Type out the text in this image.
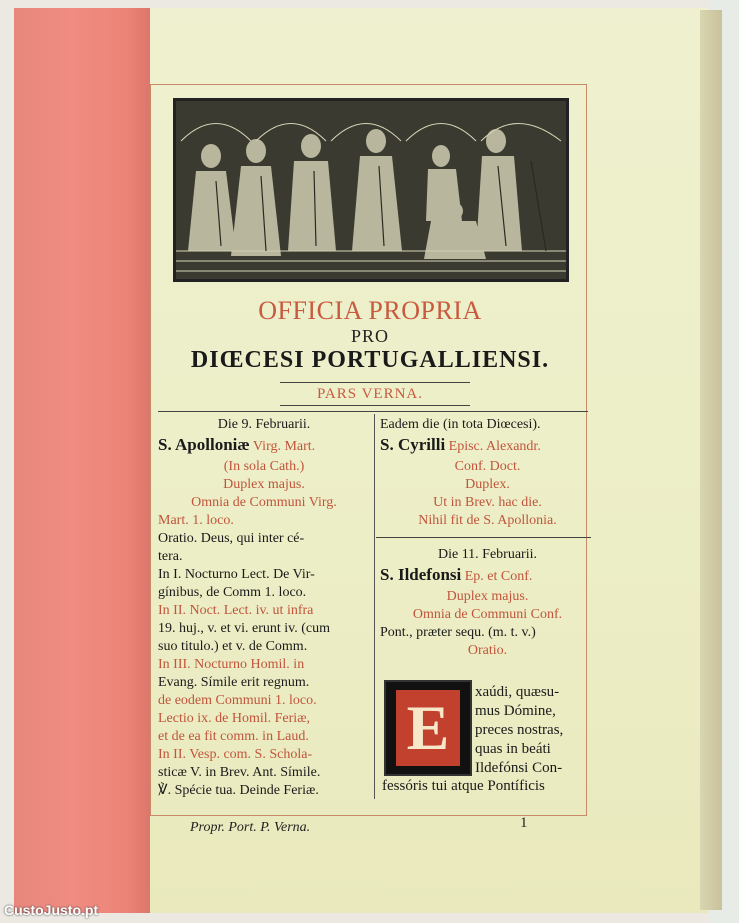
OFFICIA PROPRIA
PRO
DIŒCESI PORTUGALLIENSI.
PARS VERNA.
Die 9. Februarii.
S. Apolloniæ Virg. Mart.
(In sola Cath.)
Duplex majus.
Omnia de Communi Virg.
Mart. 1. loco.
Oratio. Deus, qui inter cé-
tera.
In I. Nocturno Lect. De Vir-
gínibus, de Comm 1. loco.
In II. Noct. Lect. iv. ut infra
19. huj., v. et vi. erunt iv. (cum
suo titulo.) et v. de Comm.
In III. Nocturno Homil. in
Evang. Símile erit regnum.
de eodem Communi 1. loco.
Lectio ix. de Homil. Feriæ,
et de ea fit comm. in Laud.
In II. Vesp. com. S. Schola-
sticæ V. in Brev. Ant. Símile.
℣. Spécie tua. Deinde Feriæ.
Eadem die (in tota Diœcesi).
S. Cyrilli Episc. Alexandr.
Conf. Doct.
Duplex.
Ut in Brev. hac die.
Nihil fit de S. Apollonia.
Die 11. Februarii.
S. Ildefonsi Ep. et Conf.
Duplex majus.
Omnia de Communi Conf.
Pont., præter sequ. (m. t. v.)
Oratio.
E	xaúdi, quæsu-
mus Dómine,
preces nostras,
quas in beáti
Ildefónsi Con-
fessóris tui atque Pontíficis
Propr. Port. P. Verna.	1
CustoJusto.pt
